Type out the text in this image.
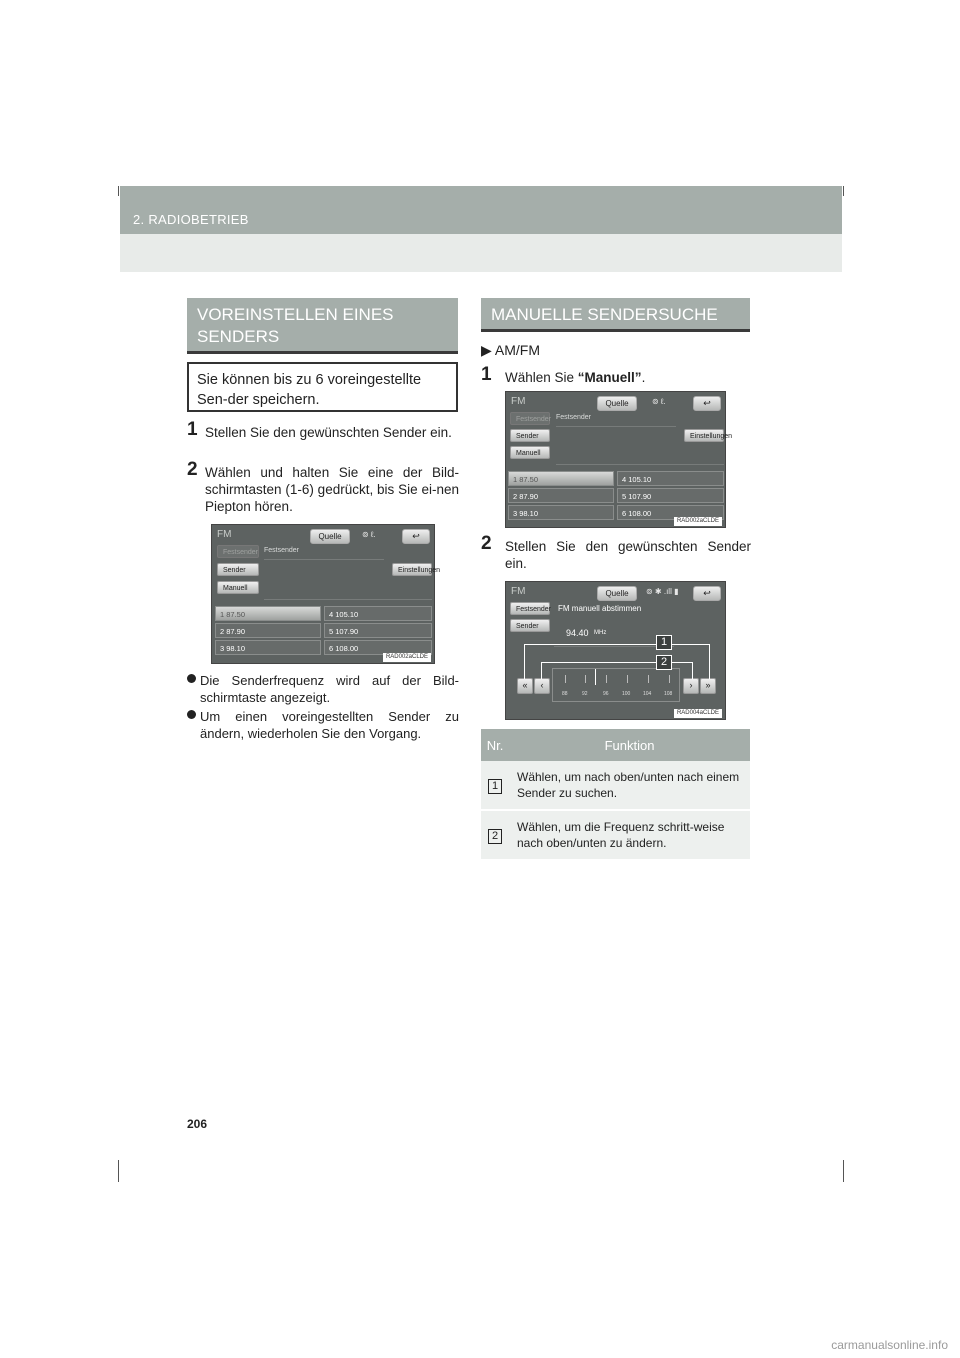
2. RADIOBETRIEB
VOREINSTELLEN EINES SENDERS
Sie können bis zu 6 voreingestellte Sen-der speichern.
1 Stellen Sie den gewünschten Sender ein.
2 Wählen und halten Sie eine der Bild-schirmtasten (1-6) gedrückt, bis Sie ei-nen Piepton hören.
FM	Quelle	⊚ ℓ.	↩
Festsender
Festsender
Sender
Manuell
Einstellungen
1 87.50
2 87.90
3 98.10
4 105.10
5 107.90
6 108.00
RAD002aCLDE
Die Senderfrequenz wird auf der Bild-schirmtaste angezeigt.
Um einen voreingestellten Sender zu ändern, wiederholen Sie den Vorgang.
MANUELLE SENDERSUCHE
▶ AM/FM
1 Wählen Sie “Manuell”.
FM	Quelle	⊚ ℓ.	↩
Festsender
Festsender
Sender
Manuell
Einstellungen
1 87.50
2 87.90
3 98.10
4 105.10
5 107.90
6 108.00
RAD002aCLDE
2 Stellen Sie den gewünschten Sender ein.
FM	Quelle	⊚ ✱ .ıll ▮	↩
Festsender
Sender
FM manuell abstimmen
94.40 MHz
«	‹	›	»
88	92	96	100	104	108
RAD004aCLDE
1
2
Nr.	Funktion
1	Wählen, um nach oben/unten nach einem Sender zu suchen.
2	Wählen, um die Frequenz schritt-weise nach oben/unten zu ändern.
206
carmanualsonline.info
